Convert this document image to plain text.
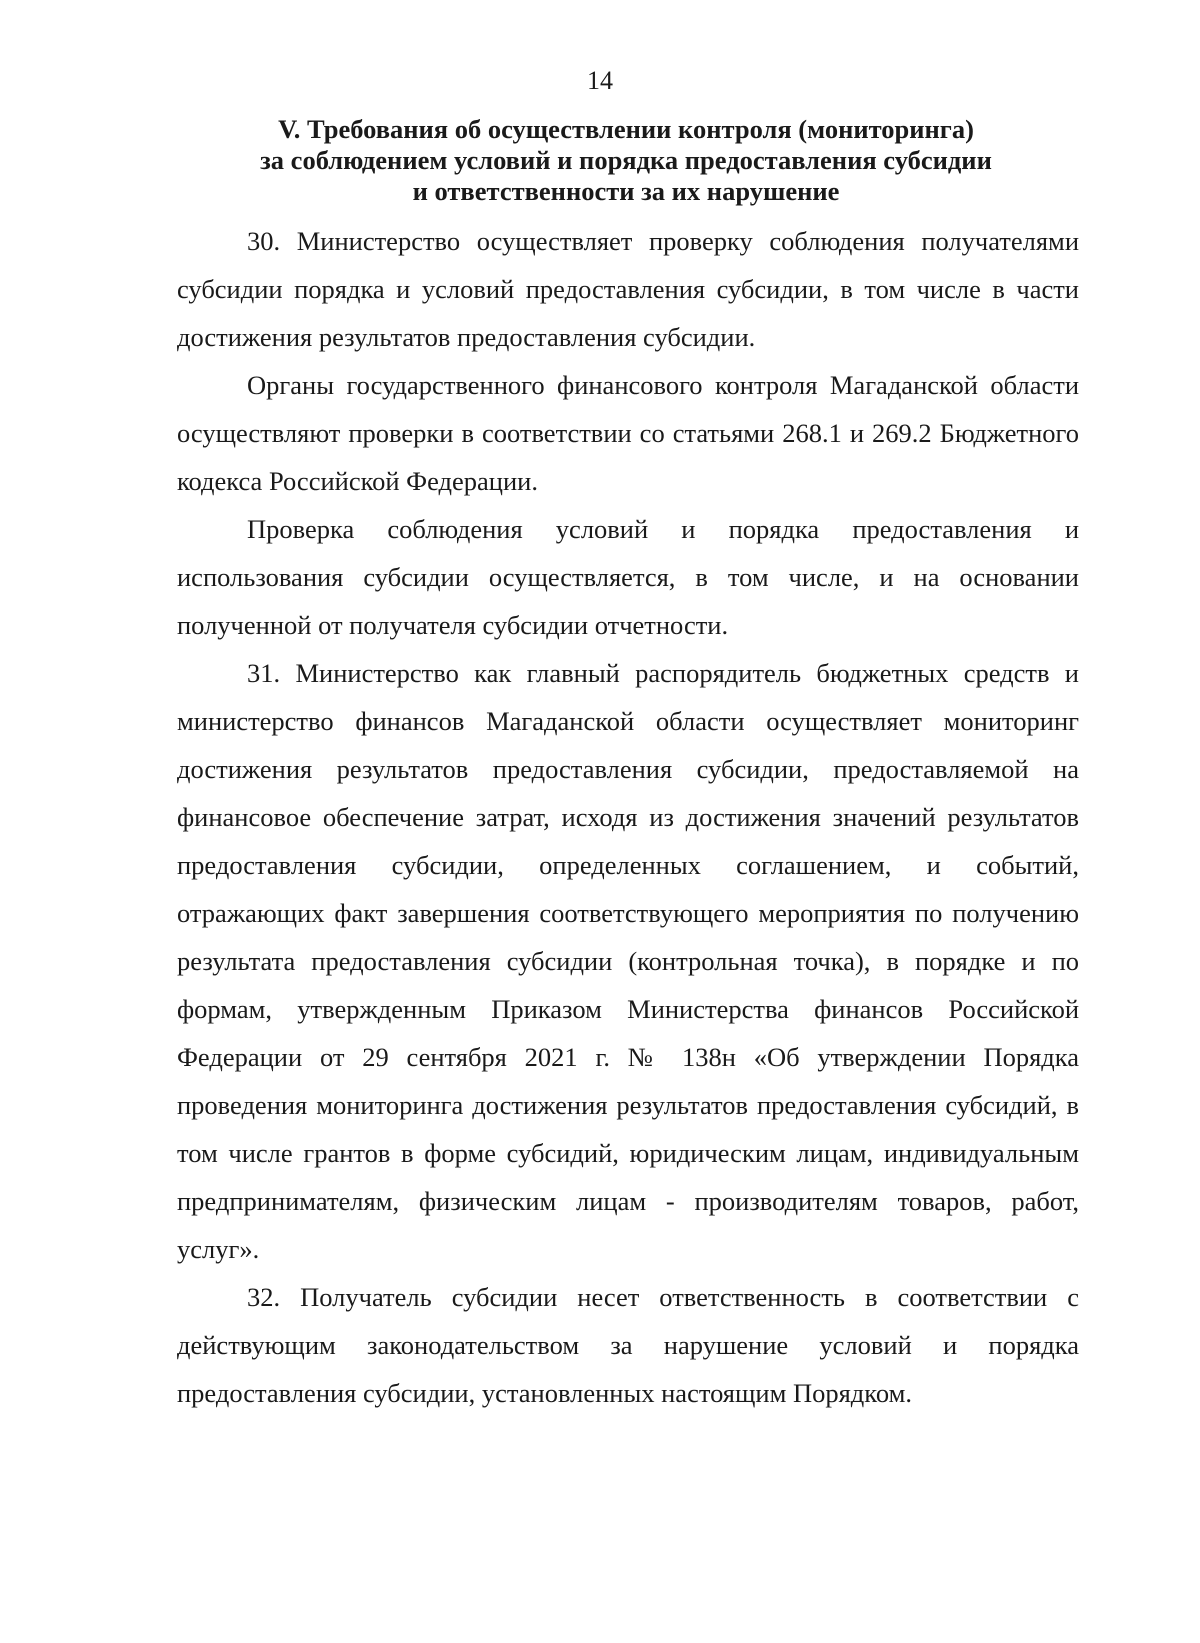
14
V. Требования об осуществлении контроля (мониторинга)
за соблюдением условий и порядка предоставления субсидии
и ответственности за их нарушение

30. Министерство осуществляет проверку соблюдения получателями субсидии порядка и условий предоставления субсидии, в том числе в части достижения результатов предоставления субсидии.

Органы государственного финансового контроля Магаданской области осуществляют проверки в соответствии со статьями 268.1 и 269.2 Бюджетного кодекса Российской Федерации.

Проверка соблюдения условий и порядка предоставления и использования субсидии осуществляется, в том числе, и на основании полученной от получателя субсидии отчетности.

31. Министерство как главный распорядитель бюджетных средств и министерство финансов Магаданской области осуществляет мониторинг достижения результатов предоставления субсидии, предоставляемой на финансовое обеспечение затрат, исходя из достижения значений результатов предоставления субсидии, определенных соглашением, и событий, отражающих факт завершения соответствующего мероприятия по получению результата предоставления субсидии (контрольная точка), в порядке и по формам, утвержденным Приказом Министерства финансов Российской Федерации от 29 сентября 2021 г. № 138н «Об утверждении Порядка проведения мониторинга достижения результатов предоставления субсидий, в том числе грантов в форме субсидий, юридическим лицам, индивидуальным предпринимателям, физическим лицам - производителям товаров, работ, услуг».

32. Получатель субсидии несет ответственность в соответствии с действующим законодательством за нарушение условий и порядка предоставления субсидии, установленных настоящим Порядком.
